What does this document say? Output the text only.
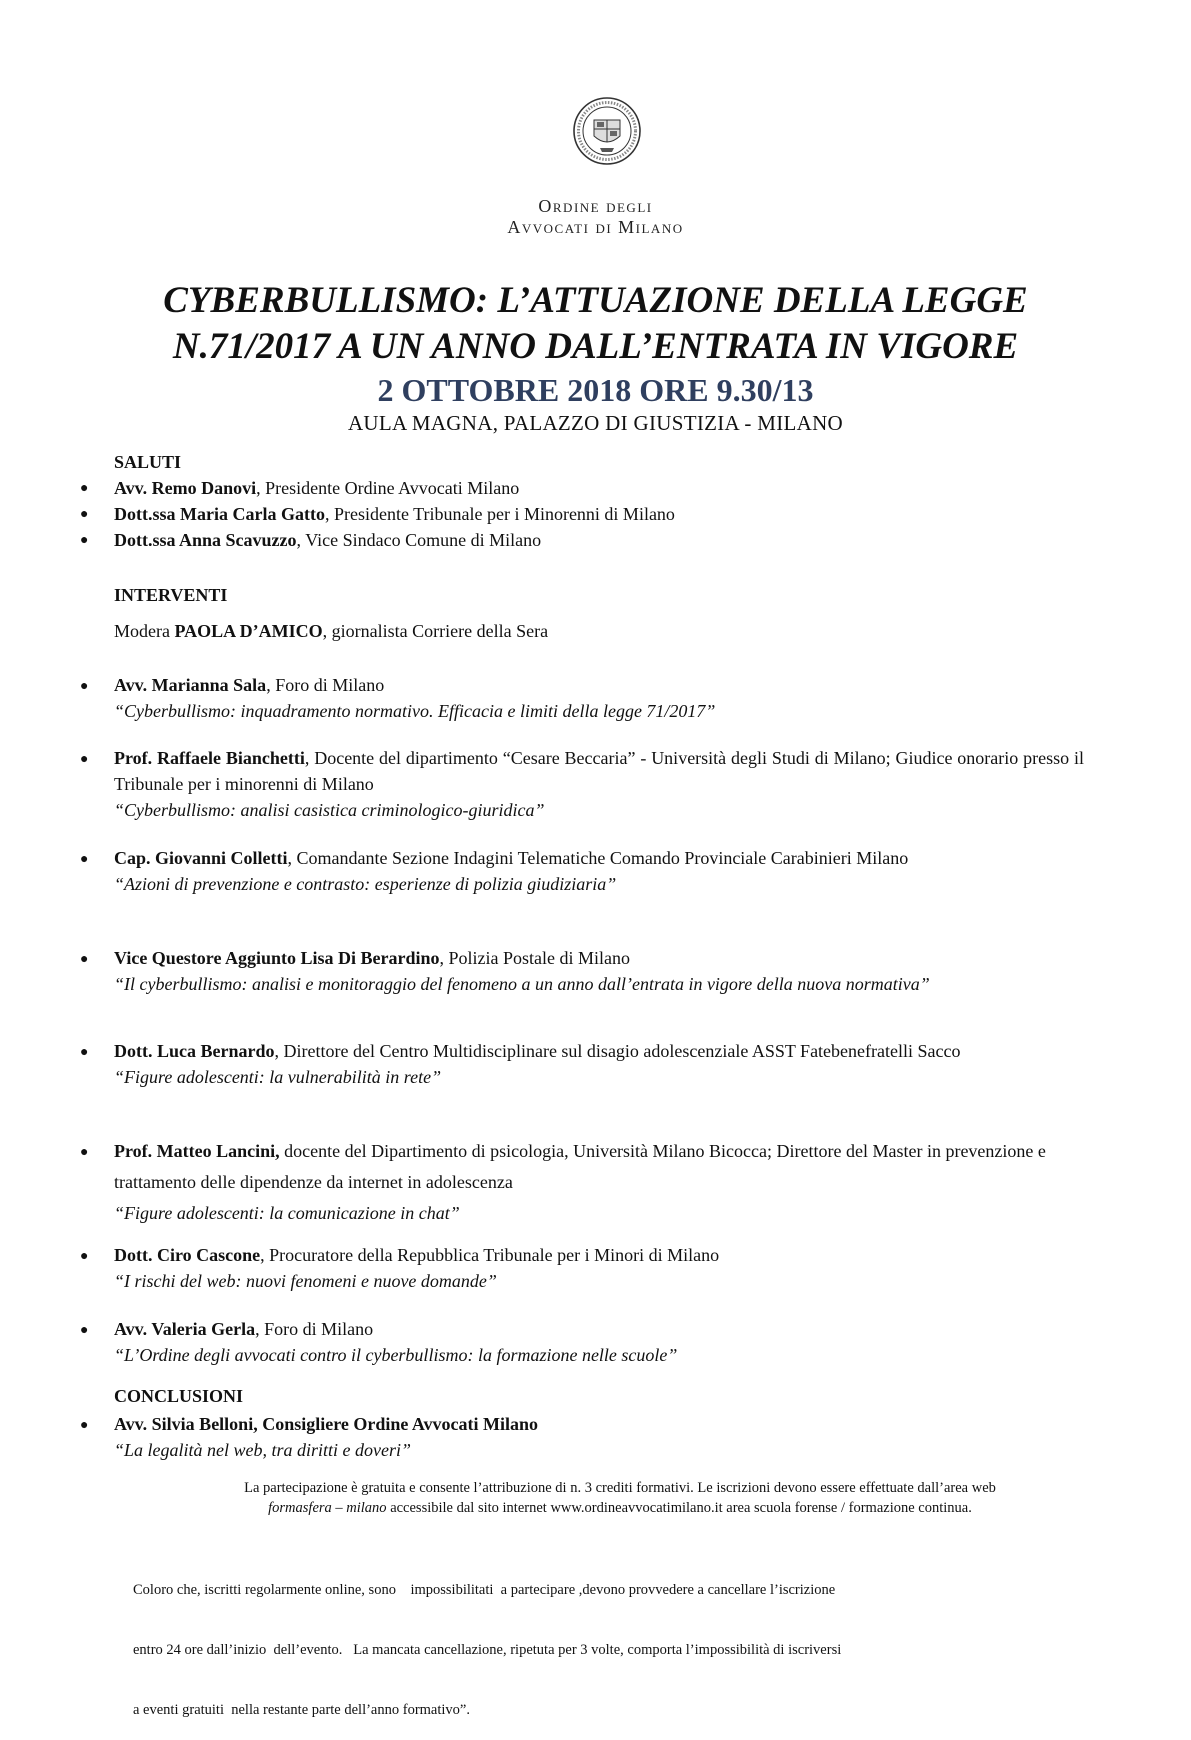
Ordine degli
Avvocati di Milano
CYBERBULLISMO: L’ATTUAZIONE DELLA LEGGE
N.71/2017 A UN ANNO DALL’ENTRATA IN VIGORE
2 OTTOBRE 2018 ORE 9.30/13
AULA MAGNA, PALAZZO DI GIUSTIZIA - MILANO
SALUTI
● Avv. Remo Danovi, Presidente Ordine Avvocati Milano
● Dott.ssa Maria Carla Gatto, Presidente Tribunale per i Minorenni di Milano
● Dott.ssa Anna Scavuzzo, Vice Sindaco Comune di Milano
INTERVENTI
Modera PAOLA D’AMICO, giornalista Corriere della Sera
● Avv. Marianna Sala, Foro di Milano
“Cyberbullismo: inquadramento normativo. Efficacia e limiti della legge 71/2017”
● Prof. Raffaele Bianchetti, Docente del dipartimento “Cesare Beccaria” - Università degli Studi di Milano; Giudice onorario presso il Tribunale per i minorenni di Milano
“Cyberbullismo: analisi casistica criminologico-giuridica”
● Cap. Giovanni Colletti, Comandante Sezione Indagini Telematiche Comando Provinciale Carabinieri Milano
“Azioni di prevenzione e contrasto: esperienze di polizia giudiziaria”
● Vice Questore Aggiunto Lisa Di Berardino, Polizia Postale di Milano
“Il cyberbullismo: analisi e monitoraggio del fenomeno a un anno dall’entrata in vigore della nuova normativa”
● Dott. Luca Bernardo, Direttore del Centro Multidisciplinare sul disagio adolescenziale ASST Fatebenefratelli Sacco
“Figure adolescenti: la vulnerabilità in rete”
● Prof. Matteo Lancini, docente del Dipartimento di psicologia, Università Milano Bicocca; Direttore del Master in prevenzione e trattamento delle dipendenze da internet in adolescenza
“Figure adolescenti: la comunicazione in chat”
● Dott. Ciro Cascone, Procuratore della Repubblica Tribunale per i Minori di Milano
“I rischi del web: nuovi fenomeni e nuove domande”
● Avv. Valeria Gerla, Foro di Milano
“L’Ordine degli avvocati contro il cyberbullismo: la formazione nelle scuole”
CONCLUSIONI
● Avv. Silvia Belloni, Consigliere Ordine Avvocati Milano
“La legalità nel web, tra diritti e doveri”
La partecipazione è gratuita e consente l’attribuzione di n. 3 crediti formativi. Le iscrizioni devono essere effettuate dall’area web
formasfera – milano accessibile dal sito internet www.ordineavvocatimilano.it area scuola forense / formazione continua.

Coloro che, iscritti regolarmente online, sono    impossibilitati  a partecipare ,devono provvedere a cancellare l’iscrizione

entro 24 ore dall’inizio  dell’evento.   La mancata cancellazione, ripetuta per 3 volte, comporta l’impossibilità di iscriversi

a eventi gratuiti  nella restante parte dell’anno formativo”.
